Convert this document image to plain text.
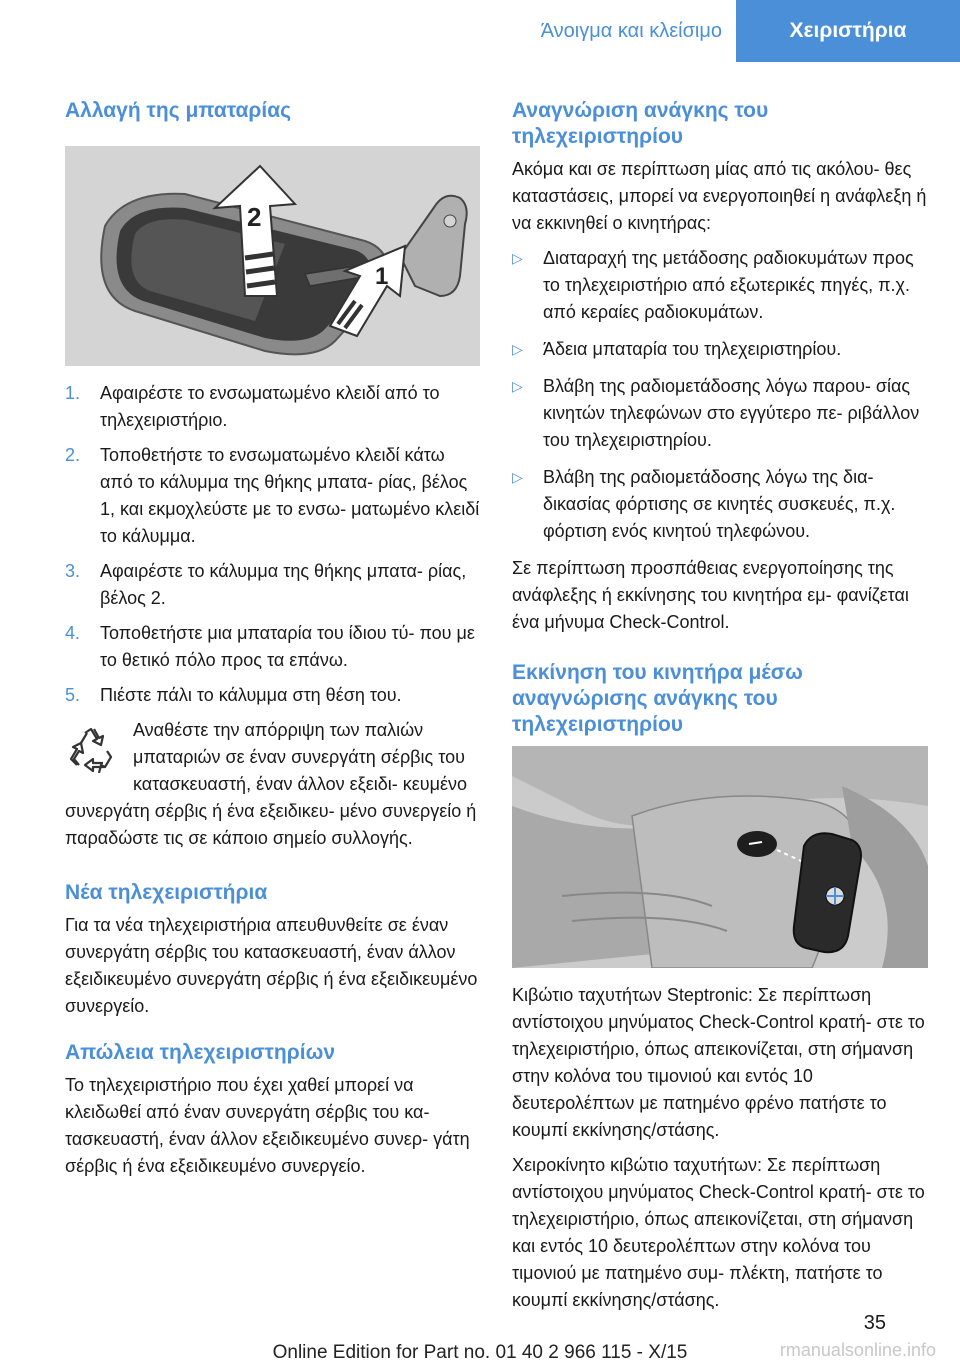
Άνοιγμα και κλείσιμο	Χειριστήρια
Αλλαγή της μπαταρίας
2
1
1. Αφαιρέστε το ενσωματωμένο κλειδί από το τηλεχειριστήριο.
2. Τοποθετήστε το ενσωματωμένο κλειδί κάτω από το κάλυμμα της θήκης μπατα‐ ρίας, βέλος 1, και εκμοχλεύστε με το ενσω‐ ματωμένο κλειδί το κάλυμμα.
3. Αφαιρέστε το κάλυμμα της θήκης μπατα‐ ρίας, βέλος 2.
4. Τοποθετήστε μια μπαταρία του ίδιου τύ‐ που με το θετικό πόλο προς τα επάνω.
5. Πιέστε πάλι το κάλυμμα στη θέση του.
Αναθέστε την απόρριψη των παλιών μπαταριών σε έναν συνεργάτη σέρβις του κατασκευαστή, έναν άλλον εξειδι‐ κευμένο συνεργάτη σέρβις ή ένα εξειδικευ‐ μένο συνεργείο ή παραδώστε τις σε κάποιο σημείο συλλογής.
Νέα τηλεχειριστήρια

Για τα νέα τηλεχειριστήρια απευθυνθείτε σε έναν συνεργάτη σέρβις του κατασκευαστή, έναν άλλον εξειδικευμένο συνεργάτη σέρβις ή ένα εξειδικευμένο συνεργείο.

Απώλεια τηλεχειριστηρίων

Το τηλεχειριστήριο που έχει χαθεί μπορεί να κλειδωθεί από έναν συνεργάτη σέρβις του κα‐ τασκευαστή, έναν άλλον εξειδικευμένο συνερ‐ γάτη σέρβις ή ένα εξειδικευμένο συνεργείο.

Αναγνώριση ανάγκης του τηλεχειριστηρίου

Ακόμα και σε περίπτωση μίας από τις ακόλου‐ θες καταστάσεις, μπορεί να ενεργοποιηθεί η ανάφλεξη ή να εκκινηθεί ο κινητήρας:

▷ Διαταραχή της μετάδοσης ραδιοκυμάτων προς το τηλεχειριστήριο από εξωτερικές πηγές, π.χ. από κεραίες ραδιοκυμάτων.
▷ Άδεια μπαταρία του τηλεχειριστηρίου.
▷ Βλάβη της ραδιομετάδοσης λόγω παρου‐ σίας κινητών τηλεφώνων στο εγγύτερο πε‐ ριβάλλον του τηλεχειριστηρίου.
▷ Βλάβη της ραδιομετάδοσης λόγω της δια‐ δικασίας φόρτισης σε κινητές συσκευές, π.χ. φόρτιση ενός κινητού τηλεφώνου.

Σε περίπτωση προσπάθειας ενεργοποίησης της ανάφλεξης ή εκκίνησης του κινητήρα εμ‐ φανίζεται ένα μήνυμα Check-Control.

Εκκίνηση του κινητήρα μέσω αναγνώρισης ανάγκης του τηλεχειριστηρίου

Κιβώτιο ταχυτήτων Steptronic: Σε περίπτωση αντίστοιχου μηνύματος Check-Control κρατή‐ στε το τηλεχειριστήριο, όπως απεικονίζεται, στη σήμανση στην κολόνα του τιμονιού και εντός 10 δευτερολέπτων με πατημένο φρένο πατήστε το κουμπί εκκίνησης/στάσης.

Χειροκίνητο κιβώτιο ταχυτήτων: Σε περίπτωση αντίστοιχου μηνύματος Check-Control κρατή‐ στε το τηλεχειριστήριο, όπως απεικονίζεται, στη σήμανση και εντός 10 δευτερολέπτων στην κολόνα του τιμονιού με πατημένο συμ‐ πλέκτη, πατήστε το κουμπί εκκίνησης/στάσης.

35
Online Edition for Part no. 01 40 2 966 115 - X/15	rmanualsonline.info
